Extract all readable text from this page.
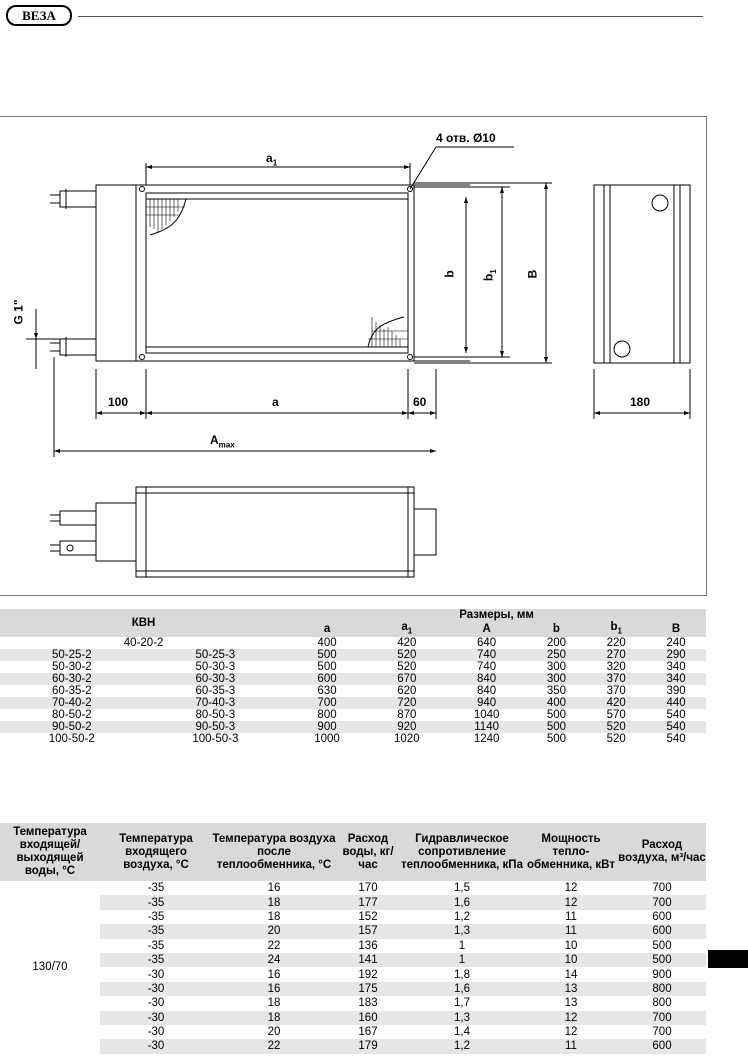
ВЕЗА
4 отв. Ø10
$a_1$
b $b_1$ B
G 1"
100	a	60	180
$A_{max}$
КВН		Размеры, мм					
		a	$a_1$	A	b	$b_1$	B
40-20-2		400	420	640	200	220	240
50-25-2	50-25-3	500	520	740	250	270	290
50-30-2	50-30-3	500	520	740	300	320	340
60-30-2	60-30-3	600	670	840	300	370	340
60-35-2	60-35-3	630	620	840	350	370	390
70-40-2	70-40-3	700	720	940	400	420	440
80-50-2	80-50-3	800	870	1040	500	570	540
90-50-2	90-50-3	900	920	1140	500	520	540
100-50-2	100-50-3	1000	1020	1240	500	520	540
Температура входящей/ выходящей воды, °С	Температура входящего воздуха, °С	Температура воздуха после теплообменника, °С	Расход воды, кг/час	Гидравлическое сопротивление теплообменника, кПа	Мощность тепло-обменника, кВт	Расход воздуха, м³/час
130/70	-35	16	170	1,5	12	700
	-35	18	177	1,6	12	700
	-35	18	152	1,2	11	600
	-35	20	157	1,3	11	600
	-35	22	136	1	10	500
	-35	24	141	1	10	500
	-30	16	192	1,8	14	900
	-30	16	175	1,6	13	800
	-30	18	183	1,7	13	800
	-30	18	160	1,3	12	700
	-30	20	167	1,4	12	700
	-30	22	179	1,2	11	600
